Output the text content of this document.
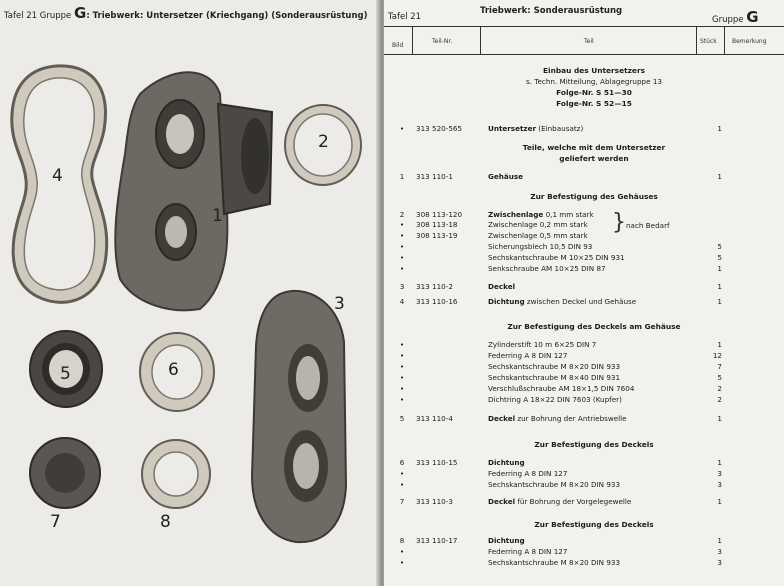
Tafel 21 Gruppe G: Triebwerk: Untersetzer (Kriechgang) (Sonderausrüstung)
4
1
2
3
5	6
7	8
Tafel 21
Triebwerk: Sonderausrüstung
Gruppe G
Bild
Teil-Nr.	Teil	Stück	Bemerkung
Einbau des Untersetzers
s. Techn. Mitteilung, Ablagegruppe 13
Folge-Nr. S 51—30
Folge-Nr. S 52—15
Teile, welche mit dem Untersetzer
geliefert werden
Zur Befestigung des Gehäuses
Zur Befestigung des Deckels am Gehäuse
Zur Befestigung des Deckels
Zur Befestigung des Deckels
} nach Bedarf
•	313 520-565	Untersetzer (Einbausatz)	1
1	313 110-1	Gehäuse	1
2	308 113-120	Zwischenlage 0,1 mm stark
•	308 113-18	Zwischenlage 0,2 mm stark
•	308 113-19	Zwischenlage 0,5 mm stark
•	Sicherungsblech 10,5 DIN 93	5
•	Sechskantschraube M 10×25 DIN 931	5
•	Senkschraube AM 10×25 DIN 87	1
3	313 110-2	Deckel	1
4	313 110-16	Dichtung zwischen Deckel und Gehäuse	1
•	Zylinderstift 10 m 6×25 DIN 7	1
•	Federring A 8 DIN 127	12
•	Sechskantschraube M 8×20 DIN 933	7
•	Sechskantschraube M 8×40 DIN 931	5
•	Verschlußschraube AM 18×1,5 DIN 7604	2
•	Dichtring A 18×22 DIN 7603 (Kupfer)	2
5	313 110-4	Deckel zur Bohrung der Antriebswelle	1
6	313 110-15	Dichtung	1
•	Federring A 8 DIN 127	3
•	Sechskantschraube M 8×20 DIN 933	3
7	313 110-3	Deckel für Bohrung der Vorgelegewelle	1
8	313 110-17	Dichtung	1
•	Federring A 8 DIN 127	3
•	Sechskantschraube M 8×20 DIN 933	3
